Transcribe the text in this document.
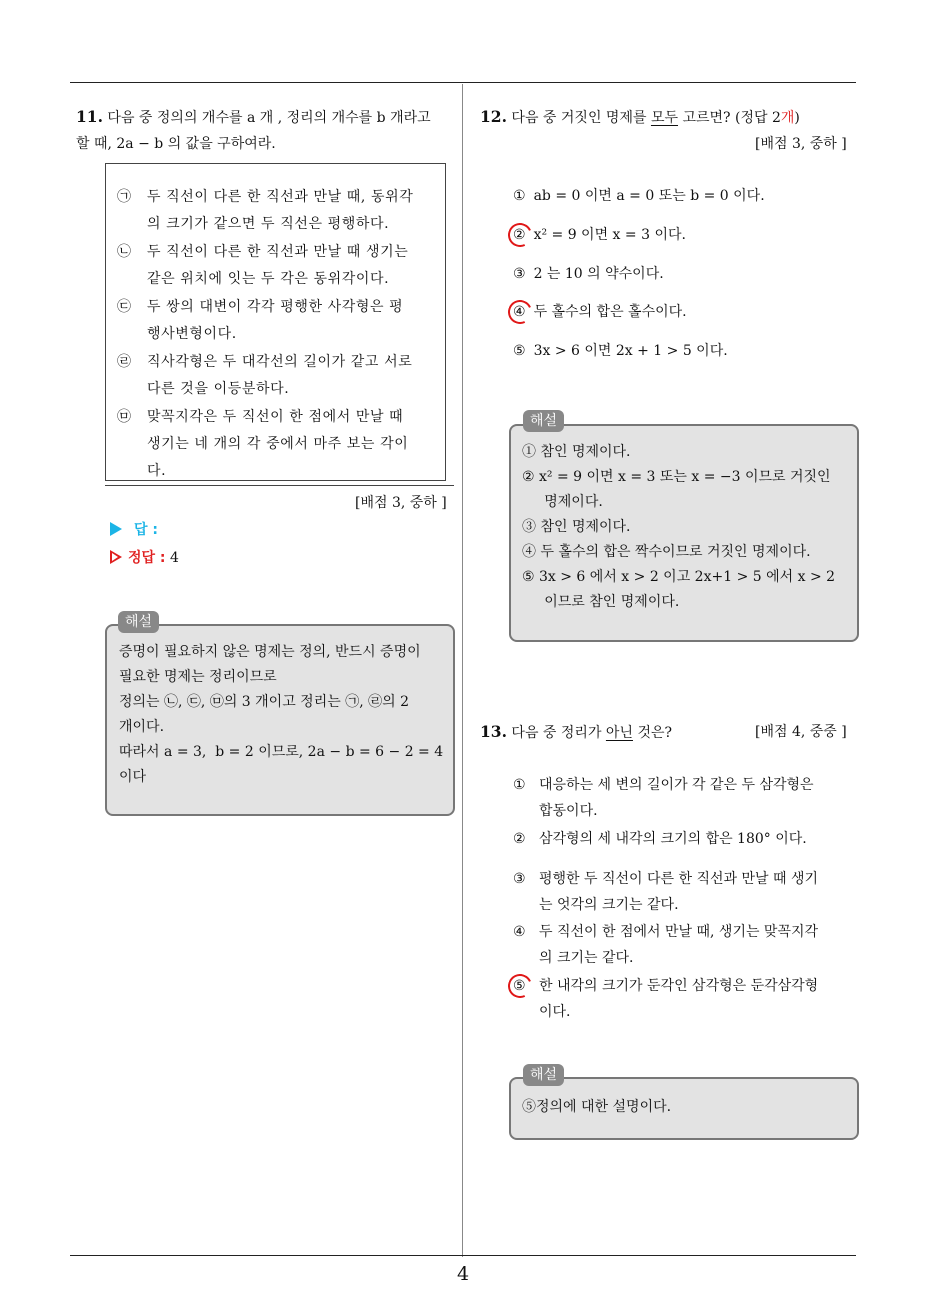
4
11. 다음 중 정의의 개수를 a 개 , 정리의 개수를 b 개라고
할 때, 2a − b 의 값을 구하여라.
㉠ 두 직선이 다른 한 직선과 만날 때, 동위각
의 크기가 같으면 두 직선은 평행하다.
㉡ 두 직선이 다른 한 직선과 만날 때 생기는
같은 위치에 잇는 두 각은 동위각이다.
㉢ 두 쌍의 대변이 각각 평행한 사각형은 평
행사변형이다.
㉣ 직사각형은 두 대각선의 길이가 같고 서로
다른 것을 이등분하다.
㉤ 맞꼭지각은 두 직선이 한 점에서 만날 때
생기는 네 개의 각 중에서 마주 보는 각이
다.
[배점 3, 중하 ]
답 :
정답 : 4
증명이 필요하지 않은 명제는 정의, 반드시 증명이
필요한 명제는 정리이므로
정의는 ㉡, ㉢, ㉤의 3 개이고 정리는 ㉠, ㉣의 2
개이다.
따라서 a = 3,  b = 2 이므로, 2a − b = 6 − 2 = 4
이다
해설
12. 다음 중 거짓인 명제를 모두 고르면? (정답 2개)
[배점 3, 중하 ]
① ab = 0 이면 a = 0 또는 b = 0 이다.
② x² = 9 이면 x = 3 이다.
③ 2 는 10 의 약수이다.
④ 두 홀수의 합은 홀수이다.
⑤ 3x > 6 이면 2x + 1 > 5 이다.
① 참인 명제이다.
② x² = 9 이면 x = 3 또는 x = −3 이므로 거짓인
명제이다.
③ 참인 명제이다.
④ 두 홀수의 합은 짝수이므로 거짓인 명제이다.
⑤ 3x > 6 에서 x > 2 이고 2x+1 > 5 에서 x > 2
이므로 참인 명제이다.
해설
13. 다음 중 정리가 아닌 것은?	[배점 4, 중중 ]
① 대응하는 세 변의 길이가 각 같은 두 삼각형은
합동이다.
② 삼각형의 세 내각의 크기의 합은 180° 이다.
③ 평행한 두 직선이 다른 한 직선과 만날 때 생기
는 엇각의 크기는 같다.
④ 두 직선이 한 점에서 만날 때, 생기는 맞꼭지각
의 크기는 같다.
⑤ 한 내각의 크기가 둔각인 삼각형은 둔각삼각형
이다.
⑤정의에 대한 설명이다.
해설
